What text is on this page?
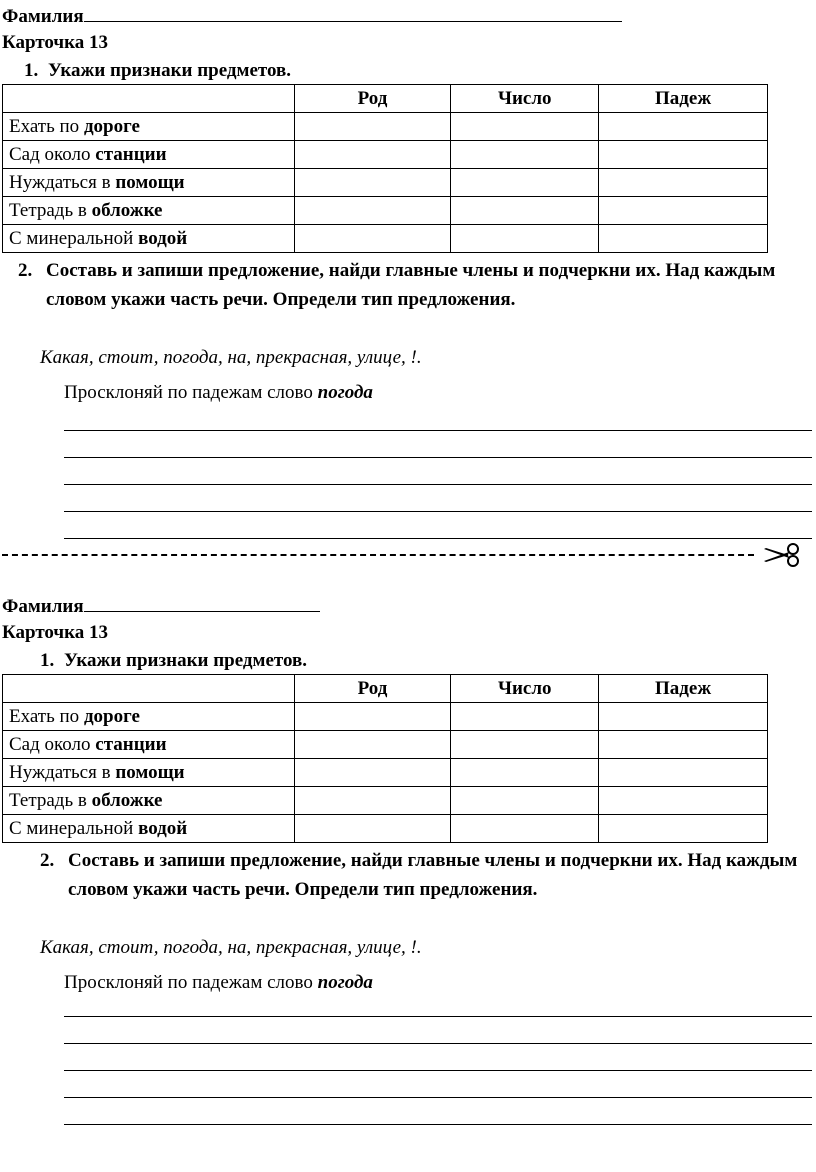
Фамилия
Карточка 13
1. Укажи признаки предметов.
	Род	Число	Падеж
Ехать по дороге			
Сад около станции			
Нуждаться в помощи			
Тетрадь в обложке			
С минеральной водой			
2. Составь и запиши предложение, найди главные члены и подчеркни их. Над каждым словом укажи часть речи. Определи тип предложения.
Какая, стоит, погода, на, прекрасная, улице, !.
Просклоняй по падежам слово погода
Фамилия
Карточка 13
1. Укажи признаки предметов.
	Род	Число	Падеж
Ехать по дороге			
Сад около станции			
Нуждаться в помощи			
Тетрадь в обложке			
С минеральной водой			
2. Составь и запиши предложение, найди главные члены и подчеркни их. Над каждым словом укажи часть речи. Определи тип предложения.
Какая, стоит, погода, на, прекрасная, улице, !.
Просклоняй по падежам слово погода
